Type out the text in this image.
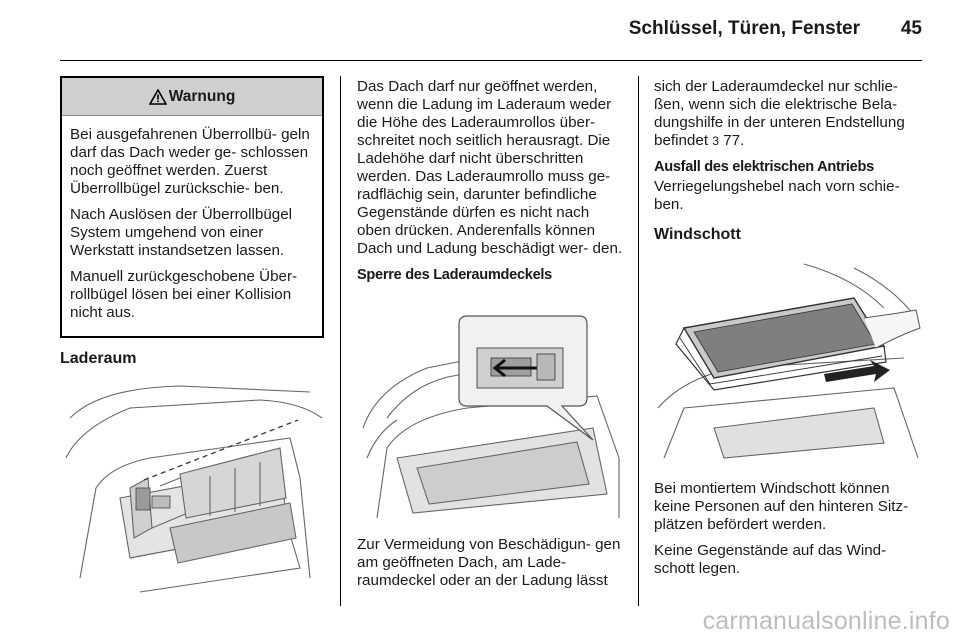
Schlüssel, Türen, Fenster 45
Warnung

Bei ausgefahrenen Überrollbü- geln darf das Dach weder ge- schlossen noch geöffnet werden. Zuerst Überrollbügel zurückschie- ben.

Nach Auslösen der Überrollbügel System umgehend von einer Werkstatt instandsetzen lassen.

Manuell zurückgeschobene Über- rollbügel lösen bei einer Kollision nicht aus.

Laderaum

Das Dach darf nur geöffnet werden, wenn die Ladung im Laderaum weder die Höhe des Laderaumrollos über- schreitet noch seitlich herausragt. Die Ladehöhe darf nicht überschritten werden. Das Laderaumrollo muss ge- radflächig sein, darunter befindliche Gegenstände dürfen es nicht nach oben drücken. Anderenfalls können Dach und Ladung beschädigt wer- den.

Sperre des Laderaumdeckels

Zur Vermeidung von Beschädigun- gen am geöffneten Dach, am Lade- raumdeckel oder an der Ladung lässt

sich der Laderaumdeckel nur schlie- ßen, wenn sich die elektrische Bela- dungshilfe in der unteren Endstellung befindet 3 77.

Ausfall des elektrischen Antriebs

Verriegelungshebel nach vorn schie- ben.

Windschott

Bei montiertem Windschott können keine Personen auf den hinteren Sitz- plätzen befördert werden.

Keine Gegenstände auf das Wind- schott legen.

carmanualsonline.info
